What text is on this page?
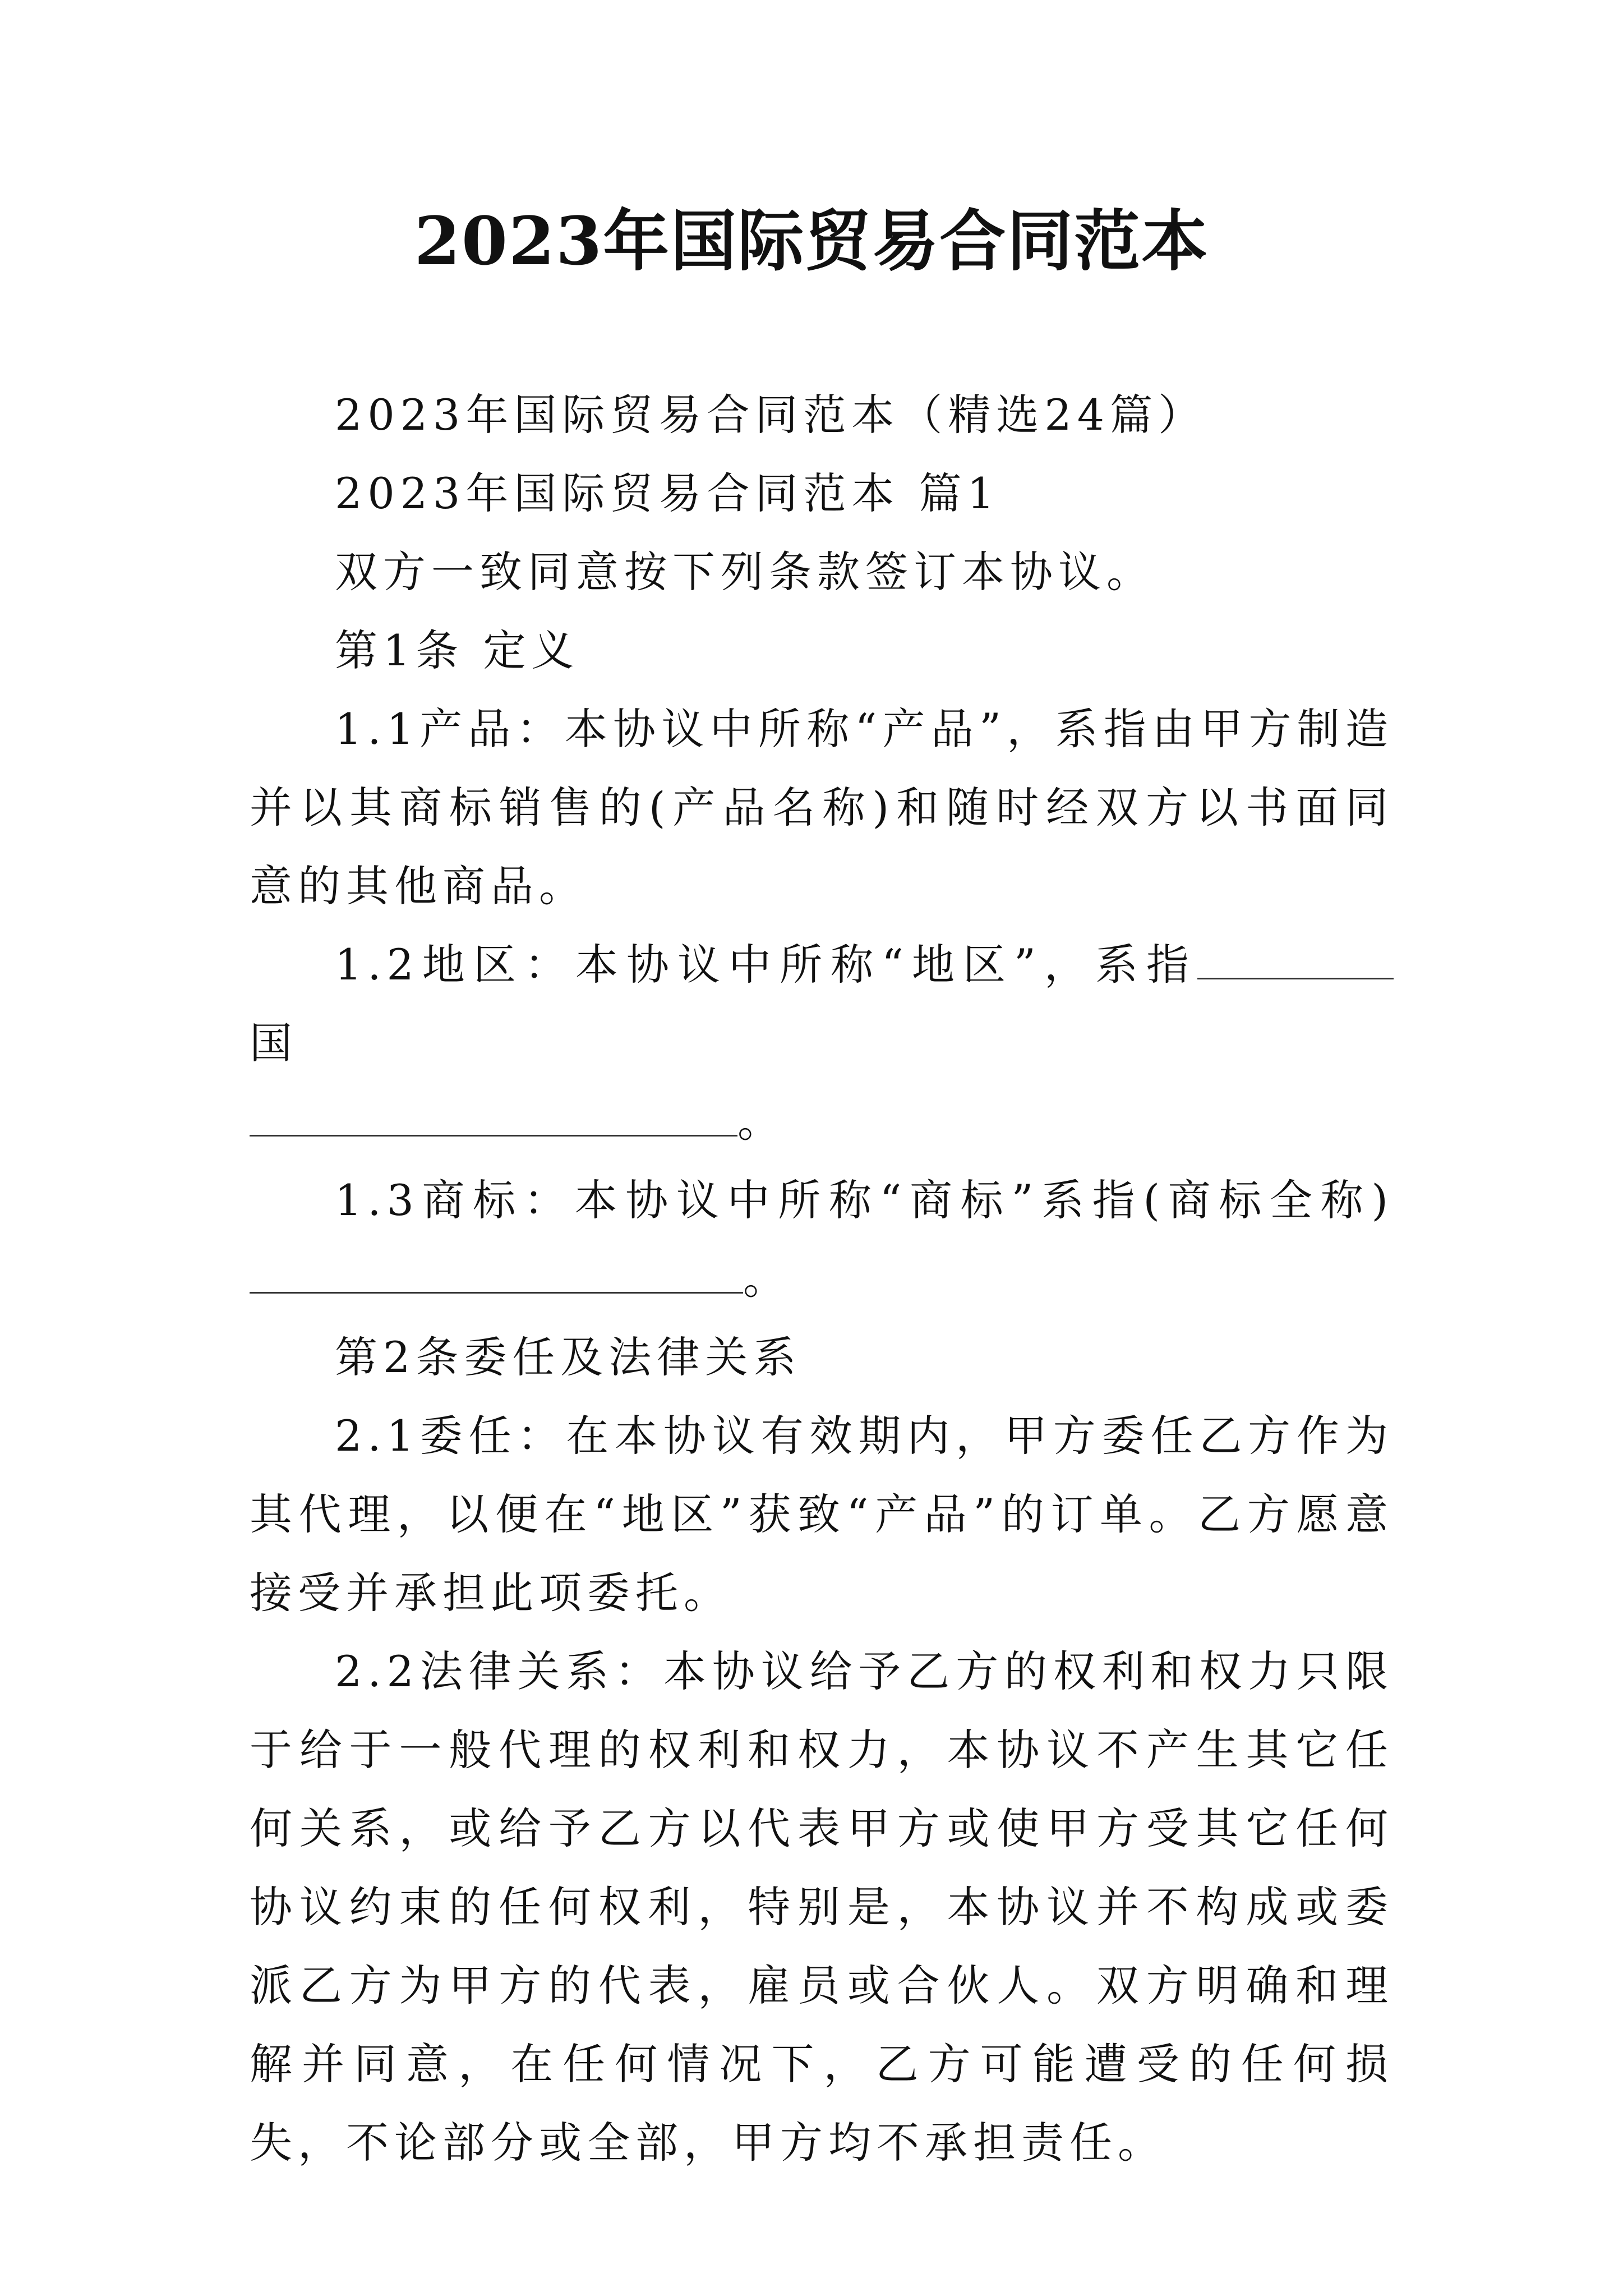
2023年国际贸易合同范本

2023年国际贸易合同范本（精选24篇）

2023年国际贸易合同范本 篇1

双方一致同意按下列条款签订本协议。

第1条 定义

1.1产品：本协议中所称“产品”，系指由甲方制造并以其商标销售的(产品名称)和随时经双方以书面同意的其他商品。

1.2地区：本协议中所称“地区”，系指国
。

1.3商标：本协议中所称“商标”系指(商标全称)。

第2条委任及法律关系

2.1委任：在本协议有效期内，甲方委任乙方作为其代理，以便在“地区”获致“产品”的订单。乙方愿意接受并承担此项委托。

2.2法律关系：本协议给予乙方的权利和权力只限于给于一般代理的权利和权力，本协议不产生其它任何关系，或给予乙方以代表甲方或使甲方受其它任何协议约束的任何权利，特别是，本协议并不构成或委派乙方为甲方的代表，雇员或合伙人。双方明确和理解并同意，在任何情况下，乙方可能遭受的任何损失，不论部分或全部，甲方均不承担责任。
